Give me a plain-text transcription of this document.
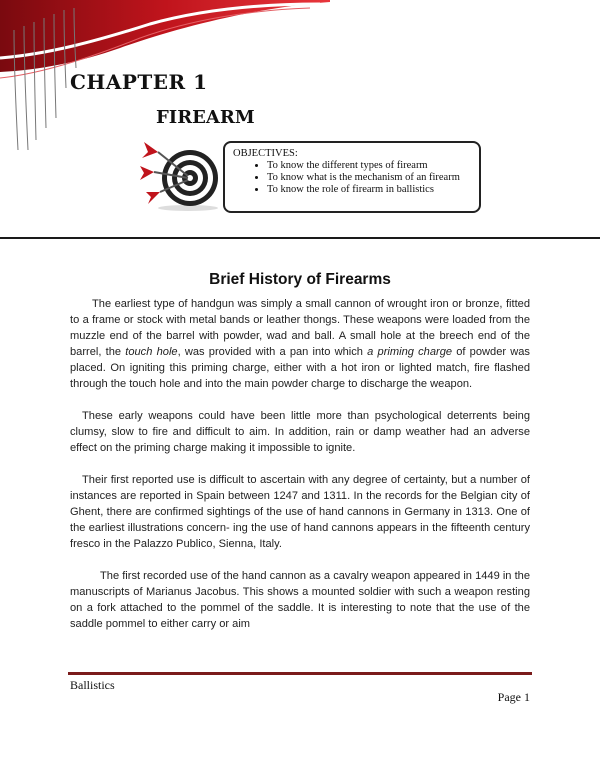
CHAPTER 1
FIREARM
OBJECTIVES:
• To know the different types of firearm
• To know what is the mechanism of an firearm
• To know the role of firearm in ballistics
Brief History of Firearms

The earliest type of handgun was simply a small cannon of wrought iron or bronze, fitted to a frame or stock with metal bands or leather thongs. These weapons were loaded from the muzzle end of the barrel with powder, wad and ball. A small hole at the breech end of the barrel, the touch hole, was provided with a pan into which a priming charge of powder was placed. On igniting this priming charge, either with a hot iron or lighted match, fire flashed through the touch hole and into the main powder charge to discharge the weapon.

These early weapons could have been little more than psychological deterrents being clumsy, slow to fire and difficult to aim. In addition, rain or damp weather had an adverse effect on the priming charge making it impossible to ignite.

Their first reported use is difficult to ascertain with any degree of certainty, but a number of instances are reported in Spain between 1247 and 1311. In the records for the Belgian city of Ghent, there are confirmed sightings of the use of hand cannons in Germany in 1313. One of the earliest illustrations concern- ing the use of hand cannons appears in the fifteenth century fresco in the Palazzo Publico, Sienna, Italy.

The first recorded use of the hand cannon as a cavalry weapon appeared in 1449 in the manuscripts of Marianus Jacobus. This shows a mounted soldier with such a weapon resting on a fork attached to the pommel of the saddle. It is interesting to note that the use of the saddle pommel to either carry or aim

Ballistics
Page 1
